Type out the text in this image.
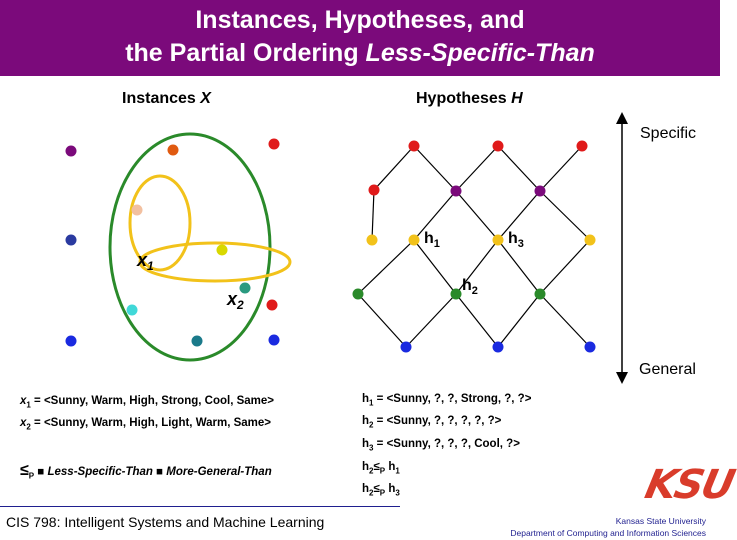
Instances, Hypotheses, and
the Partial Ordering Less-Specific-Than
Instances X	Hypotheses H
Specific
General
$x_1$
$x_2$
$h_1$	$h_3$
$h_2$
$x_1$ = <Sunny, Warm, High, Strong, Cool, Same>
$x_2$ = <Sunny, Warm, High, Light, Warm, Same>
$h_1$ = <Sunny, ?, ?, Strong, ?, ?>
$h_2$ = <Sunny, ?, ?, ?, ?, ?>
$h_3$ = <Sunny, ?, ?, ?, Cool, ?>
$\le_P$ ■ Less-Specific-Than ■ More-General-Than	$h_2\le_P$ $h_1$
$h_2\le_P$ $h_3$
CIS 798: Intelligent Systems and Machine Learning
KSU
Kansas State University
Department of Computing and Information Sciences
